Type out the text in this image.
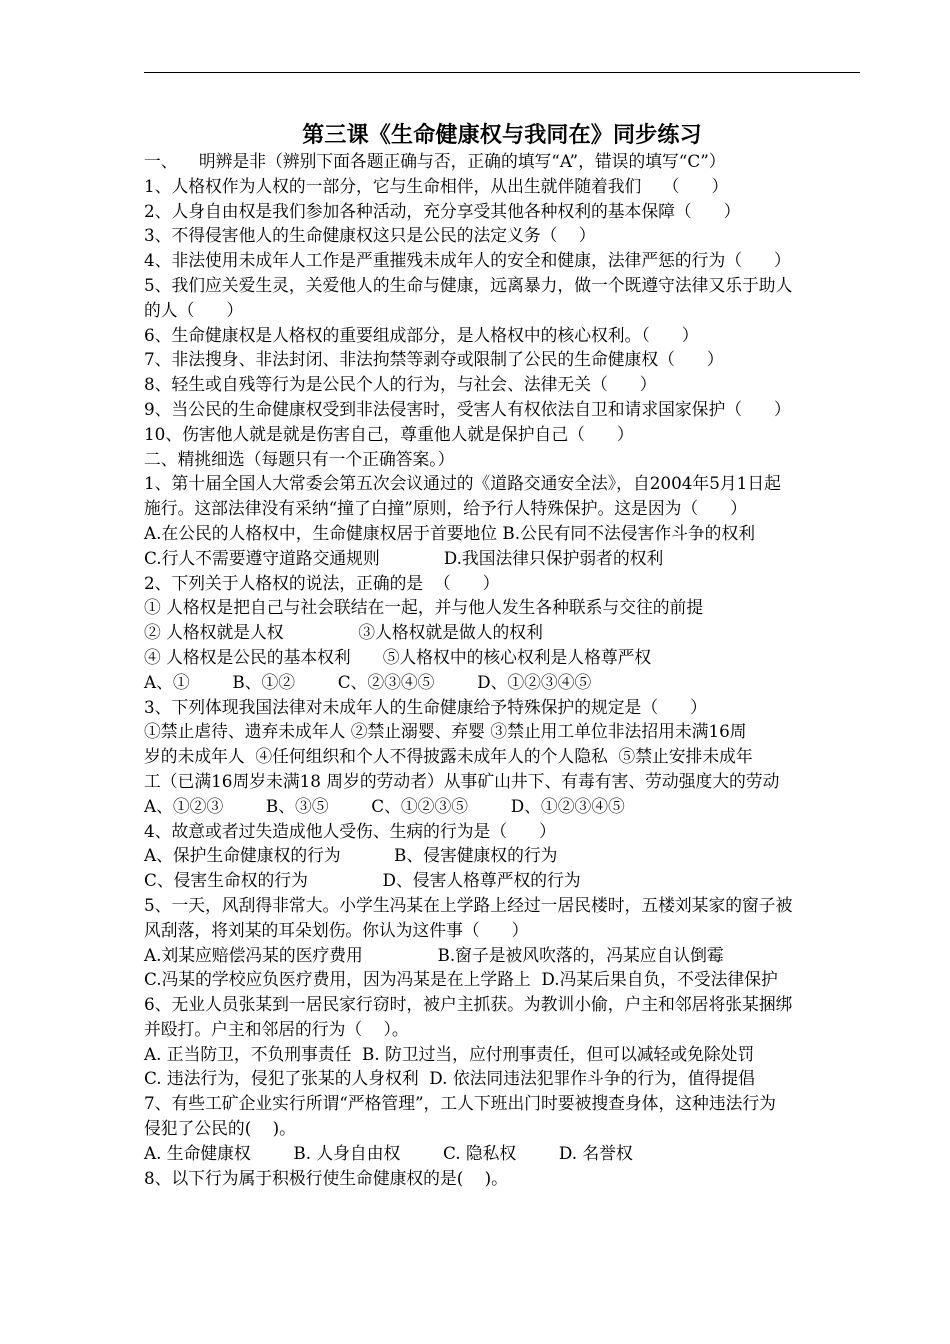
第三课《生命健康权与我同在》同步练习
一、    明辨是非（辨别下面各题正确与否，正确的填写“A”，错误的填写“C”）
1、人格权作为人权的一部分，它与生命相伴，从出生就伴随着我们    （      ）
2、人身自由权是我们参加各种活动，充分享受其他各种权利的基本保障（      ）
3、不得侵害他人的生命健康权这只是公民的法定义务（    ）
4、非法使用未成年人工作是严重摧残未成年人的安全和健康，法律严惩的行为（      ）
5、我们应关爱生灵，关爱他人的生命与健康，远离暴力，做一个既遵守法律又乐于助人
的人（      ）
6、生命健康权是人格权的重要组成部分，是人格权中的核心权利。（      ）
7、非法搜身、非法封闭、非法拘禁等剥夺或限制了公民的生命健康权（      ）
8、轻生或自残等行为是公民个人的行为，与社会、法律无关（      ）
9、当公民的生命健康权受到非法侵害时，受害人有权依法自卫和请求国家保护（      ）
10、伤害他人就是就是伤害自己，尊重他人就是保护自己（      ）
二、精挑细选（每题只有一个正确答案。）
1、第十届全国人大常委会第五次会议通过的《道路交通安全法》，自2004年5月1日起
施行。这部法律没有采纳“撞了白撞”原则，给予行人特殊保护。这是因为（      ）
A.在公民的人格权中，生命健康权居于首要地位 B.公民有同不法侵害作斗争的权利
C.行人不需要遵守道路交通规则            D.我国法律只保护弱者的权利
2、下列关于人格权的说法，正确的是  （      ）
① 人格权是把自己与社会联结在一起，并与他人发生各种联系与交往的前提
② 人格权就是人权              ③人格权就是做人的权利
④ 人格权是公民的基本权利      ⑤人格权中的核心权利是人格尊严权
A、①        B、①②        C、②③④⑤        D、①②③④⑤
3、下列体现我国法律对未成年人的生命健康给予特殊保护的规定是（      ）
①禁止虐待、遗弃未成年人 ②禁止溺婴、弃婴 ③禁止用工单位非法招用未满16周
岁的未成年人  ④任何组织和个人不得披露未成年人的个人隐私  ⑤禁止安排未成年
工（已满16周岁未满18 周岁的劳动者）从事矿山井下、有毒有害、劳动强度大的劳动
A、①②③        B、③⑤        C、①②③⑤        D、①②③④⑤
4、故意或者过失造成他人受伤、生病的行为是（      ）
A、保护生命健康权的行为          B、侵害健康权的行为
C、侵害生命权的行为              D、侵害人格尊严权的行为
5、一天，风刮得非常大。小学生冯某在上学路上经过一居民楼时，五楼刘某家的窗子被
风刮落，将刘某的耳朵划伤。你认为这件事（      ）
A.刘某应赔偿冯某的医疗费用              B.窗子是被风吹落的，冯某应自认倒霉
C.冯某的学校应负医疗费用，因为冯某是在上学路上  D.冯某后果自负，不受法律保护
6、无业人员张某到一居民家行窃时，被户主抓获。为教训小偷，户主和邻居将张某捆绑
并殴打。户主和邻居的行为（    ）。
A. 正当防卫，不负刑事责任  B. 防卫过当，应付刑事责任，但可以减轻或免除处罚
C. 违法行为，侵犯了张某的人身权利  D. 依法同违法犯罪作斗争的行为，值得提倡
7、有些工矿企业实行所谓“严格管理”，工人下班出门时要被搜查身体，这种违法行为
侵犯了公民的(    )。
A. 生命健康权        B. 人身自由权        C. 隐私权        D. 名誉权
8、以下行为属于积极行使生命健康权的是(    )。
